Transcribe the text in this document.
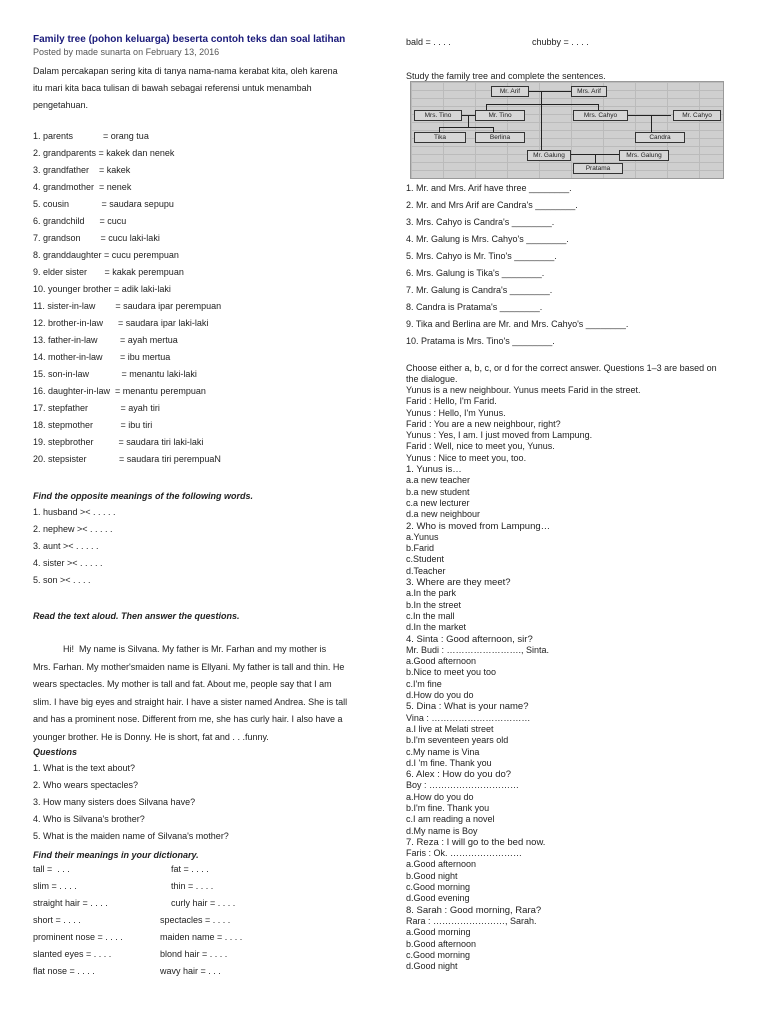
Family tree (pohon keluarga) beserta contoh teks dan soal latihan
Posted by made sunarta on February 13, 2016
Dalam percakapan sering kita di tanya nama-nama kerabat kita, oleh karena
itu mari kita baca tulisan di bawah sebagai referensi untuk menambah
pengetahuan.
1. parents            = orang tua
2. grandparents = kakek dan nenek
3. grandfather    = kakek
4. grandmother  = nenek
5. cousin             = saudara sepupu
6. grandchild      = cucu
7. grandson        = cucu laki-laki
8. granddaughter = cucu perempuan
9. elder sister       = kakak perempuan
10. younger brother = adik laki-laki
11. sister-in-law        = saudara ipar perempuan
12. brother-in-law      = saudara ipar laki-laki
13. father-in-law         = ayah mertua
14. mother-in-law       = ibu mertua
15. son-in-law             = menantu laki-laki
16. daughter-in-law  = menantu perempuan
17. stepfather             = ayah tiri
18. stepmother           = ibu tiri
19. stepbrother          = saudara tiri laki-laki
20. stepsister             = saudara tiri perempuaN
Find the opposite meanings of the following words.
1. husband >< . . . . .
2. nephew >< . . . . .
3. aunt >< . . . . .
4. sister >< . . . . .
5. son >< . . . .
Read the text aloud. Then answer the questions.
Hi!  My name is Silvana. My father is Mr. Farhan and my mother is
Mrs. Farhan. My mother'smaiden name is Ellyani. My father is tall and thin. He
wears spectacles. My mother is tall and fat. About me, people say that I am
slim. I have big eyes and straight hair. I have a sister named Andrea. She is tall
and has a prominent nose. Different from me, she has curly hair. I also have a
younger brother. He is Donny. He is short, fat and . . .funny.
Questions
1. What is the text about?
2. Who wears spectacles?
3. How many sisters does Silvana have?
4. Who is Silvana's brother?
5. What is the maiden name of Silvana's mother?
Find their meanings in your dictionary.
tall =  . . .	fat = . . . .
slim = . . . .	thin = . . . .
straight hair = . . . .	curly hair = . . . .
short = . . . .	spectacles = . . . .
prominent nose = . . . .	maiden name = . . . .
slanted eyes = . . . .	blond hair = . . . .
flat nose = . . . .	wavy hair = . . .
bald = . . . .	chubby = . . . .
Study the family tree and complete the sentences.
Mr. Arif	Mrs. Arif
Mrs. Tino	Mr. Tino	Mrs. Cahyo	Mr. Cahyo
Tika	Berlina	Candra
Mr. Galung	Mrs. Galung
Pratama
1. Mr. and Mrs. Arif have three ________.
2. Mr. and Mrs Arif are Candra's ________.
3. Mrs. Cahyo is Candra's ________.
4. Mr. Galung is Mrs. Cahyo's ________.
5. Mrs. Cahyo is Mr. Tino's ________.
6. Mrs. Galung is Tika's ________.
7. Mr. Galung is Candra's ________.
8. Candra is Pratama's ________.
9. Tika and Berlina are Mr. and Mrs. Cahyo's ________.
10. Pratama is Mrs. Tino's ________.
Choose either a, b, c, or d for the correct answer. Questions 1–3 are based on
the dialogue.
Yunus is a new neighbour. Yunus meets Farid in the street.
Farid : Hello, I'm Farid.
Yunus : Hello, I'm Yunus.
Farid : You are a new neighbour, right?
Yunus : Yes, I am. I just moved from Lampung.
Farid : Well, nice to meet you, Yunus.
Yunus : Nice to meet you, too.
1. Yunus is…
a.a new teacher
b.a new student
c.a new lecturer
d.a new neighbour
2. Who is moved from Lampung…
a.Yunus
b.Farid
c.Student
d.Teacher
3. Where are they meet?
a.In the park
b.In the street
c.In the mall
d.In the market
4. Sinta : Good afternoon, sir?
Mr. Budi : ……………………., Sinta.
a.Good afternoon
b.Nice to meet you too
c.I'm fine
d.How do you do
5. Dina : What is your name?
Vina : ……………………………
a.I live at Melati street
b.I'm seventeen years old
c.My name is Vina
d.I 'm fine. Thank you
6. Alex : How do you do?
Boy : …………………………
a.How do you do
b.I'm fine. Thank you
c.I am reading a novel
d.My name is Boy
7. Reza : I will go to the bed now.
Faris : Ok. ……………………
a.Good afternoon
b.Good night
c.Good morning
d.Good evening
8. Sarah : Good morning, Rara?
Rara : ……………………, Sarah.
a.Good morning
b.Good afternoon
c.Good morning
d.Good night
